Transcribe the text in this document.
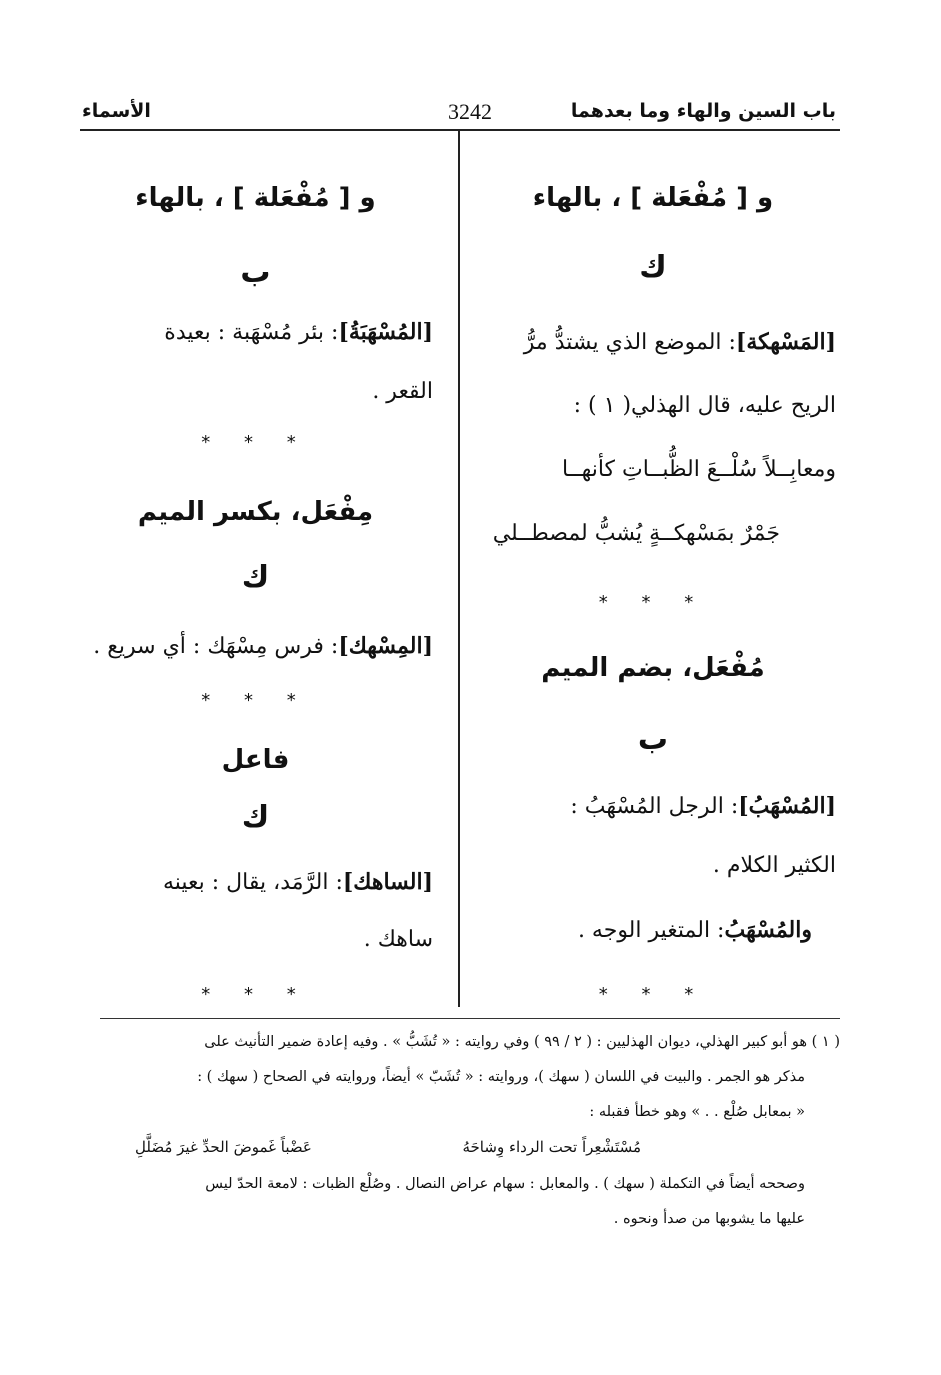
باب السين والهاء وما بعدهما
3242
الأسماء
و [ مُفْعَلة ] ، بالهاء
ك
[المَسْهكة]: الموضع الذي يشتدُّ مرُّ
الريح عليه، قال الهذلي( ١ ) :
ومعابِــلاً سُلْــعَ الظُّبــاتِ كأنهــا
جَمْرٌ بمَسْهكــةٍ يُشبُّ لمصطــلي
* * *
مُفْعَل، بضم الميم
ب
[المُسْهَبُ]: الرجل المُسْهَبُ :
الكثير الكلام .
والمُسْهَبُ: المتغير الوجه .
* * *
و [ مُفْعَلة ] ، بالهاء
ب
[المُسْهَبَةُ]: بئر مُسْهَبة : بعيدة
القعر .
* * *
مِفْعَل، بكسر الميم
ك
[المِسْهك]: فرس مِسْهَك : أي سريع .
* * *
فاعل
ك
[الساهك]: الرَّمَد، يقال : بعينه
ساهك .
* * *
( ١ ) هو أبو كبير الهذلي، ديوان الهذليين : ( ٢ / ٩٩ ) وفي روايته : « تُشَبُّ » . وفيه إعادة ضمير التأنيث على
مذكر هو الجمر . والبيت في اللسان ( سهك )، وروايته : « تُشَبّ » أيضاً، وروايته في الصحاح ( سهك ) :
« بمعابل صُلْع . . » وهو خطأ فقبله :
مُسْتَشْعِراً تحت الرداء وِشاحَهُ
عَضْباً غَموضَ الحدِّ غيرَ مُضَلَّلِ
وصححه أيضاً في التكملة ( سهك ) . والمعابل : سهام عراض النصال . وصُلْع الظبات : لامعة الحدّ ليس
عليها ما يشوبها من صدأ ونحوه .
